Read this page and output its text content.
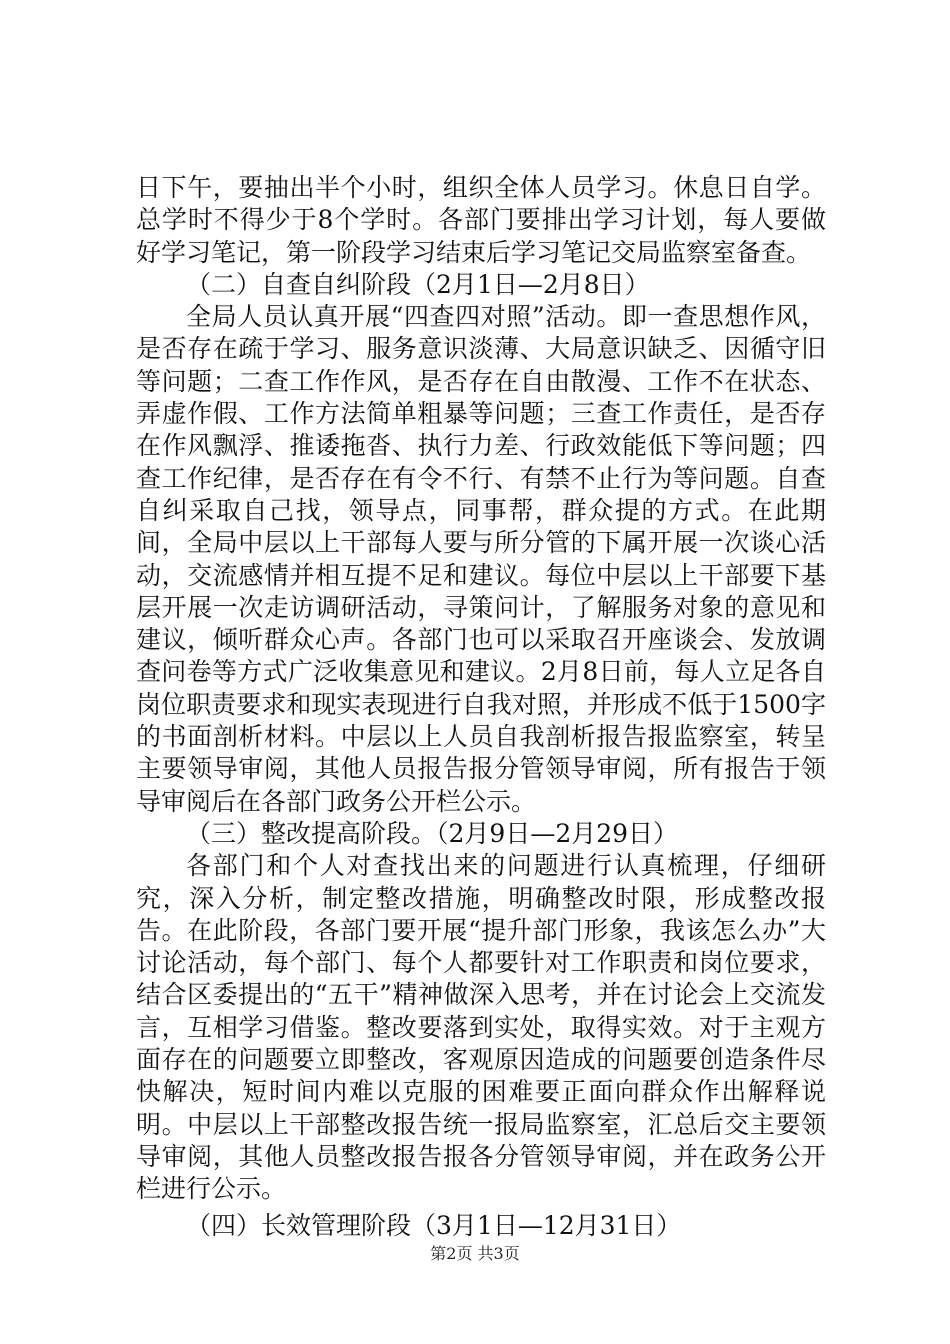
日下午，要抽出半个小时，组织全体人员学习。休息日自学。总学时不得少于8个学时。各部门要排出学习计划，每人要做好学习笔记，第一阶段学习结束后学习笔记交局监察室备查。

（二）自查自纠阶段（2月1日—2月8日）

全局人员认真开展“四查四对照”活动。即一查思想作风，是否存在疏于学习、服务意识淡薄、大局意识缺乏、因循守旧等问题；二查工作作风，是否存在自由散漫、工作不在状态、弄虚作假、工作方法简单粗暴等问题；三查工作责任，是否存在作风飘浮、推诿拖沓、执行力差、行政效能低下等问题；四查工作纪律，是否存在有令不行、有禁不止行为等问题。自查自纠采取自己找，领导点，同事帮，群众提的方式。在此期间，全局中层以上干部每人要与所分管的下属开展一次谈心活动，交流感情并相互提不足和建议。每位中层以上干部要下基层开展一次走访调研活动，寻策问计，了解服务对象的意见和建议，倾听群众心声。各部门也可以采取召开座谈会、发放调查问卷等方式广泛收集意见和建议。2月8日前，每人立足各自岗位职责要求和现实表现进行自我对照，并形成不低于1500字的书面剖析材料。中层以上人员自我剖析报告报监察室，转呈主要领导审阅，其他人员报告报分管领导审阅，所有报告于领导审阅后在各部门政务公开栏公示。

（三）整改提高阶段。（2月9日—2月29日）

各部门和个人对查找出来的问题进行认真梳理，仔细研究，深入分析，制定整改措施，明确整改时限，形成整改报告。在此阶段，各部门要开展“提升部门形象，我该怎么办”大讨论活动，每个部门、每个人都要针对工作职责和岗位要求，结合区委提出的“五干”精神做深入思考，并在讨论会上交流发言，互相学习借鉴。整改要落到实处，取得实效。对于主观方面存在的问题要立即整改，客观原因造成的问题要创造条件尽快解决，短时间内难以克服的困难要正面向群众作出解释说明。中层以上干部整改报告统一报局监察室，汇总后交主要领导审阅，其他人员整改报告报各分管领导审阅，并在政务公开栏进行公示。

（四）长效管理阶段（3月1日—12月31日）

第2页 共3页
